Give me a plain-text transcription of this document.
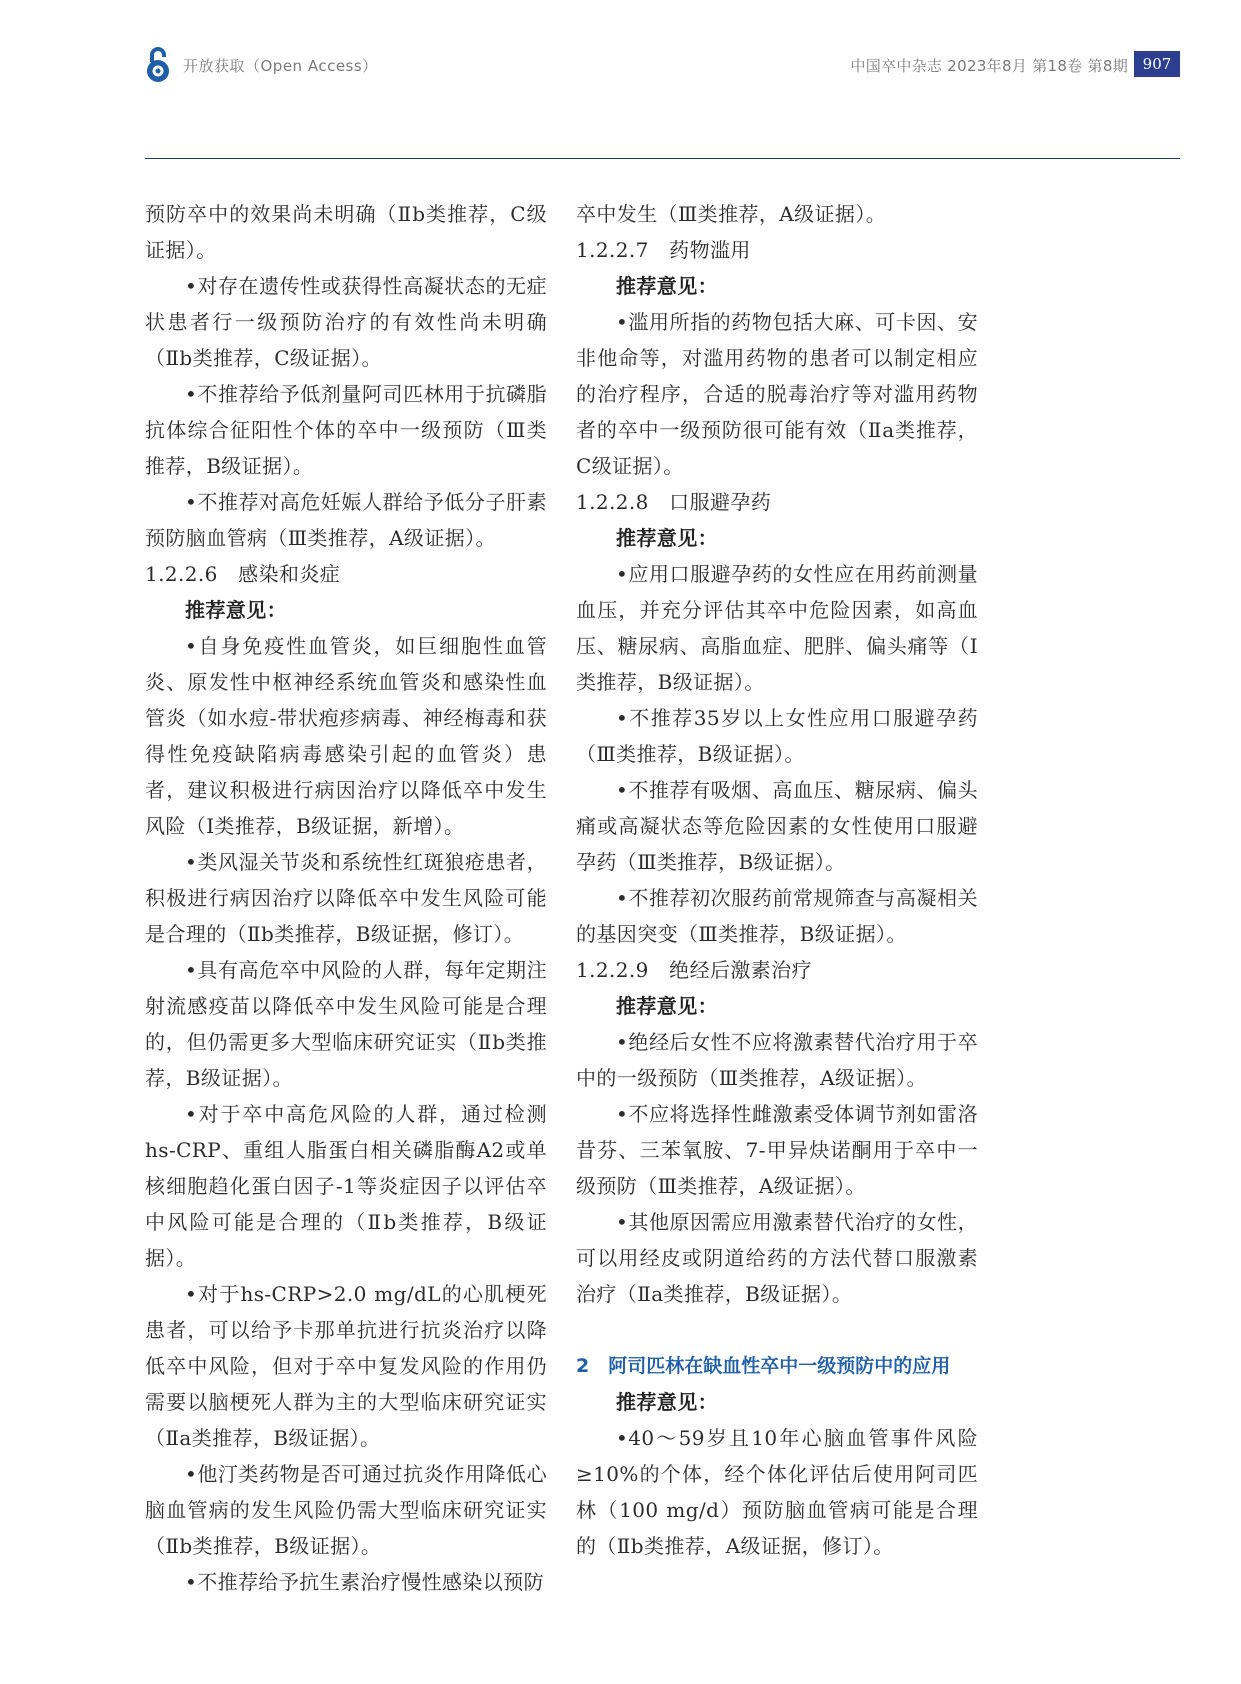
开放获取（Open Access）	中国卒中杂志 2023年8月 第18卷 第8期 907

预防卒中的效果尚未明确（Ⅱb类推荐，C级证据）。

•对存在遗传性或获得性高凝状态的无症状患者行一级预防治疗的有效性尚未明确（Ⅱb类推荐，C级证据）。

•不推荐给予低剂量阿司匹林用于抗磷脂抗体综合征阳性个体的卒中一级预防（Ⅲ类推荐，B级证据）。

•不推荐对高危妊娠人群给予低分子肝素预防脑血管病（Ⅲ类推荐，A级证据）。

1.2.2.6　感染和炎症

推荐意见：

•自身免疫性血管炎，如巨细胞性血管炎、原发性中枢神经系统血管炎和感染性血管炎（如水痘-带状疱疹病毒、神经梅毒和获得性免疫缺陷病毒感染引起的血管炎）患者，建议积极进行病因治疗以降低卒中发生风险（Ⅰ类推荐，B级证据，新增）。

•类风湿关节炎和系统性红斑狼疮患者，积极进行病因治疗以降低卒中发生风险可能是合理的（Ⅱb类推荐，B级证据，修订）。

•具有高危卒中风险的人群，每年定期注射流感疫苗以降低卒中发生风险可能是合理的，但仍需更多大型临床研究证实（Ⅱb类推荐，B级证据）。

•对于卒中高危风险的人群，通过检测hs-CRP、重组人脂蛋白相关磷脂酶A2或单核细胞趋化蛋白因子-1等炎症因子以评估卒中风险可能是合理的（Ⅱb类推荐，B级证据）。

•对于hs-CRP>2.0 mg/dL的心肌梗死患者，可以给予卡那单抗进行抗炎治疗以降低卒中风险，但对于卒中复发风险的作用仍需要以脑梗死人群为主的大型临床研究证实（Ⅱa类推荐，B级证据）。

•他汀类药物是否可通过抗炎作用降低心脑血管病的发生风险仍需大型临床研究证实（Ⅱb类推荐，B级证据）。

•不推荐给予抗生素治疗慢性感染以预防

卒中发生（Ⅲ类推荐，A级证据）。

1.2.2.7　药物滥用

推荐意见：

•滥用所指的药物包括大麻、可卡因、安非他命等，对滥用药物的患者可以制定相应的治疗程序，合适的脱毒治疗等对滥用药物者的卒中一级预防很可能有效（Ⅱa类推荐，C级证据）。

1.2.2.8　口服避孕药

推荐意见：

•应用口服避孕药的女性应在用药前测量血压，并充分评估其卒中危险因素，如高血压、糖尿病、高脂血症、肥胖、偏头痛等（Ⅰ类推荐，B级证据）。

•不推荐35岁以上女性应用口服避孕药（Ⅲ类推荐，B级证据）。

•不推荐有吸烟、高血压、糖尿病、偏头痛或高凝状态等危险因素的女性使用口服避孕药（Ⅲ类推荐，B级证据）。

•不推荐初次服药前常规筛查与高凝相关的基因突变（Ⅲ类推荐，B级证据）。

1.2.2.9　绝经后激素治疗

推荐意见：

•绝经后女性不应将激素替代治疗用于卒中的一级预防（Ⅲ类推荐，A级证据）。

•不应将选择性雌激素受体调节剂如雷洛昔芬、三苯氧胺、7-甲异炔诺酮用于卒中一级预防（Ⅲ类推荐，A级证据）。

•其他原因需应用激素替代治疗的女性，可以用经皮或阴道给药的方法代替口服激素治疗（Ⅱa类推荐，B级证据）。

2　阿司匹林在缺血性卒中一级预防中的应用

推荐意见：

•40～59岁且10年心脑血管事件风险≥10%的个体，经个体化评估后使用阿司匹林（100 mg/d）预防脑血管病可能是合理的（Ⅱb类推荐，A级证据，修订）。
